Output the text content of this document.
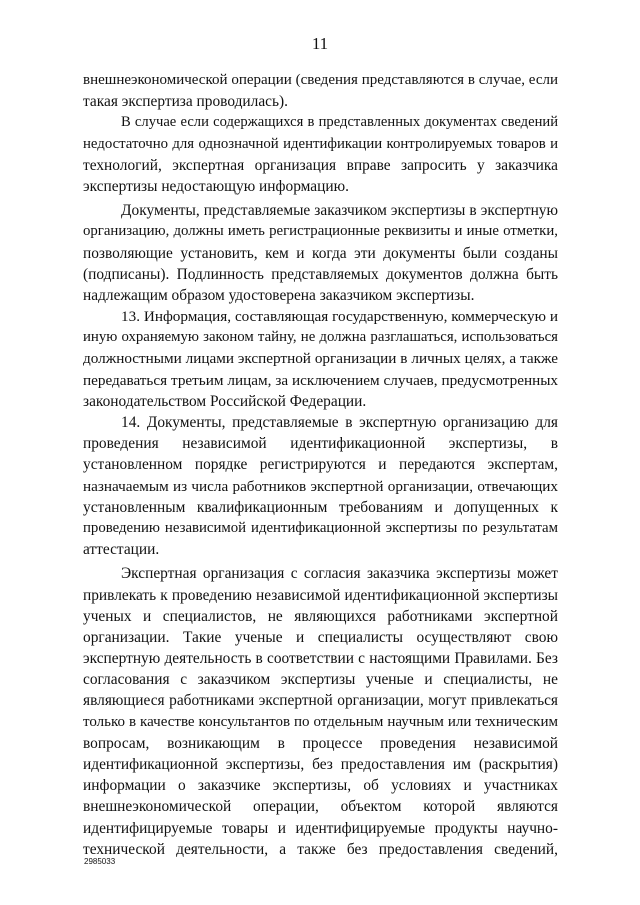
11
внешнеэкономической операции (сведения представляются в случае, если
такая экспертиза проводилась).
В случае если содержащихся в представленных документах сведений
недостаточно для однозначной идентификации контролируемых товаров и
технологий, экспертная организация вправе запросить у заказчика
экспертизы недостающую информацию.
Документы, представляемые заказчиком экспертизы в экспертную
организацию, должны иметь регистрационные реквизиты и иные отметки,
позволяющие установить, кем и когда эти документы были созданы
(подписаны). Подлинность представляемых документов должна быть
надлежащим образом удостоверена заказчиком экспертизы.
13. Информация, составляющая государственную, коммерческую и
иную охраняемую законом тайну, не должна разглашаться, использоваться
должностными лицами экспертной организации в личных целях, а также
передаваться третьим лицам, за исключением случаев, предусмотренных
законодательством Российской Федерации.
14. Документы, представляемые в экспертную организацию для
проведения независимой идентификационной экспертизы, в
установленном порядке регистрируются и передаются экспертам,
назначаемым из числа работников экспертной организации, отвечающих
установленным квалификационным требованиям и допущенных к
проведению независимой идентификационной экспертизы по результатам
аттестации.
Экспертная организация с согласия заказчика экспертизы может
привлекать к проведению независимой идентификационной экспертизы
ученых и специалистов, не являющихся работниками экспертной
организации. Такие ученые и специалисты осуществляют свою
экспертную деятельность в соответствии с настоящими Правилами. Без
согласования с заказчиком экспертизы ученые и специалисты, не
являющиеся работниками экспертной организации, могут привлекаться
только в качестве консультантов по отдельным научным или техническим
вопросам, возникающим в процессе проведения независимой
идентификационной экспертизы, без предоставления им (раскрытия)
информации о заказчике экспертизы, об условиях и участниках
внешнеэкономической операции, объектом которой являются
идентифицируемые товары и идентифицируемые продукты научно-
технической деятельности, а также без предоставления сведений,
2985033
